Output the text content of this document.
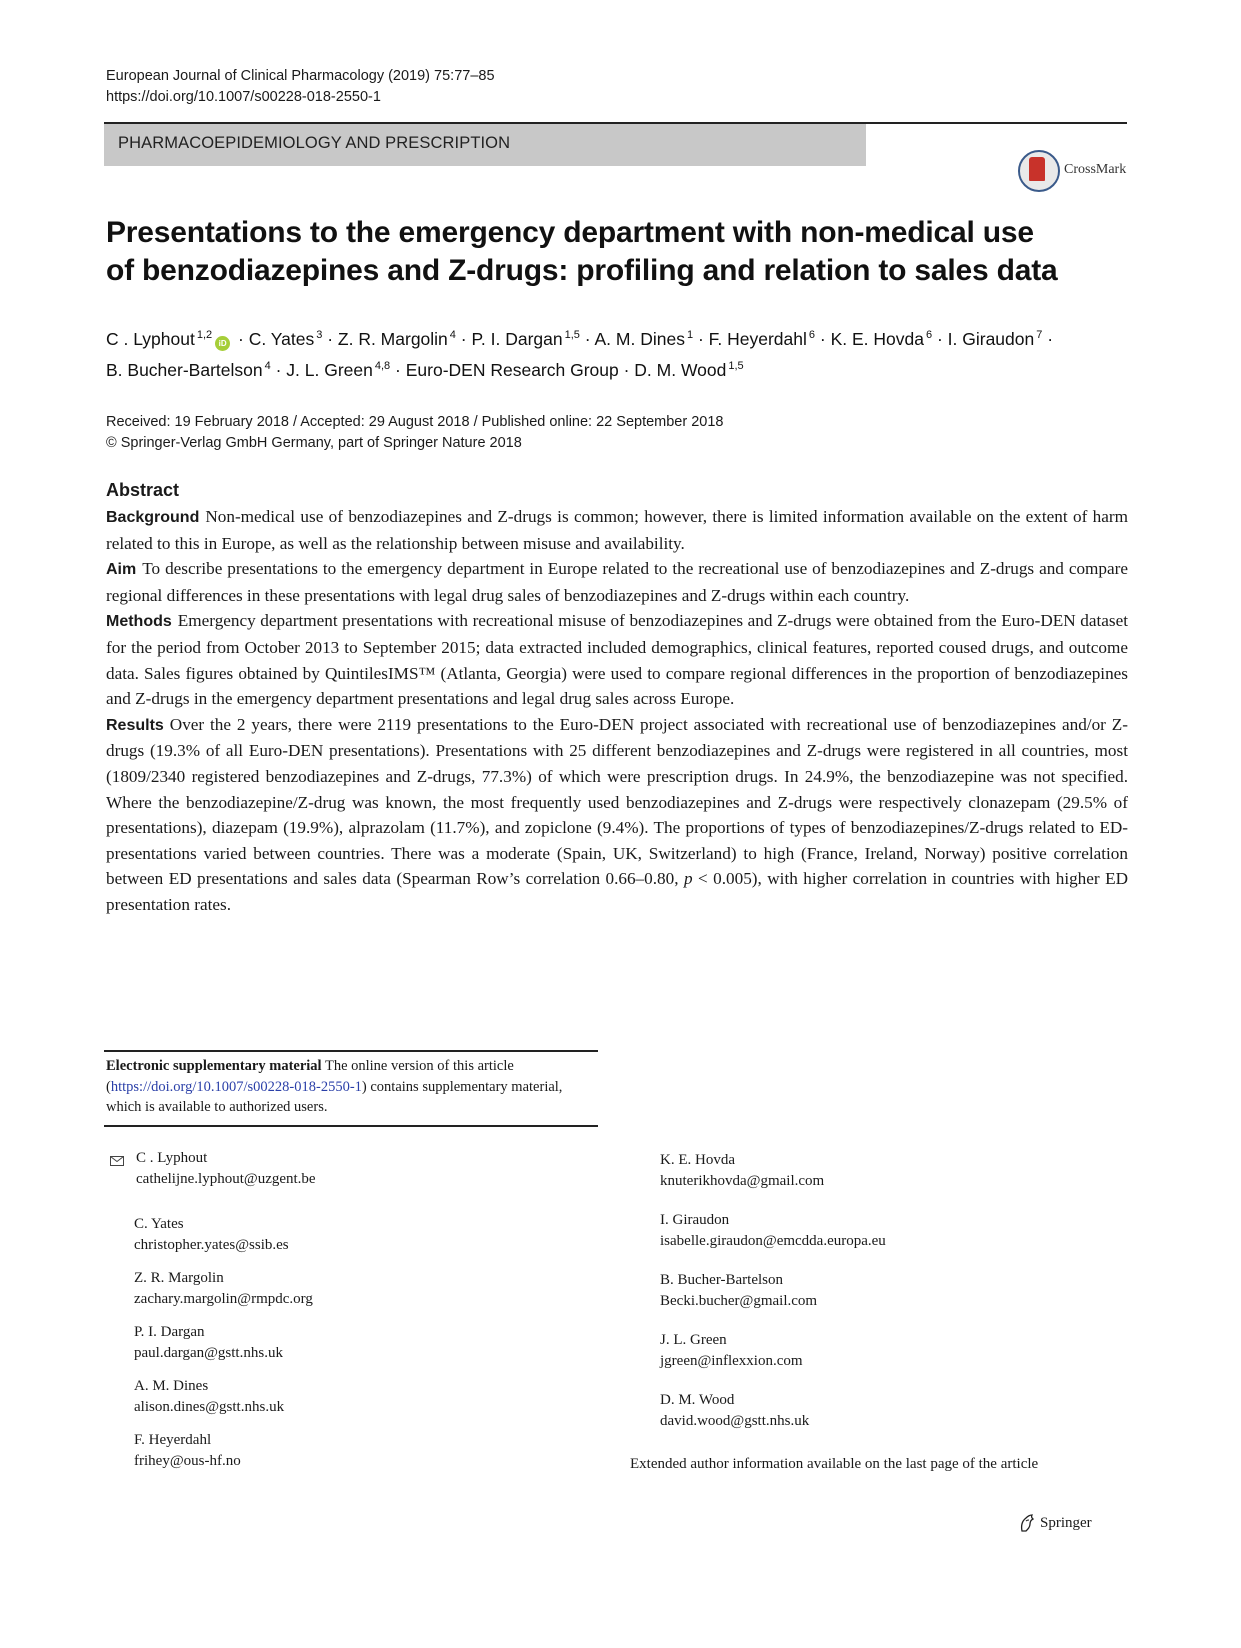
European Journal of Clinical Pharmacology (2019) 75:77–85
https://doi.org/10.1007/s00228-018-2550-1
PHARMACOEPIDEMIOLOGY AND PRESCRIPTION
CrossMark
Presentations to the emergency department with non-medical use
of benzodiazepines and Z-drugs: profiling and relation to sales data
C . Lyphout $^{1,2}$iD · C. Yates $^3$ · Z. R. Margolin $^4$ · P. I. Dargan $^{1,5}$ · A. M. Dines $^1$ · F. Heyerdahl $^6$ · K. E. Hovda $^6$ · I. Giraudon $^7$ ·
B. Bucher-Bartelson $^4$ · J. L. Green $^{4,8}$ · Euro-DEN Research Group · D. M. Wood $^{1,5}$
Received: 19 February 2018 / Accepted: 29 August 2018 / Published online: 22 September 2018
© Springer-Verlag GmbH Germany, part of Springer Nature 2018
Abstract

Background Non-medical use of benzodiazepines and Z-drugs is common; however, there is limited information available on the extent of harm related to this in Europe, as well as the relationship between misuse and availability.

Aim To describe presentations to the emergency department in Europe related to the recreational use of benzodiazepines and Z-drugs and compare regional differences in these presentations with legal drug sales of benzodiazepines and Z-drugs within each country.

Methods Emergency department presentations with recreational misuse of benzodiazepines and Z-drugs were obtained from the Euro-DEN dataset for the period from October 2013 to September 2015; data extracted included demographics, clinical features, reported coused drugs, and outcome data. Sales figures obtained by QuintilesIMS™ (Atlanta, Georgia) were used to compare regional differences in the proportion of benzodiazepines and Z-drugs in the emergency department presentations and legal drug sales across Europe.

Results Over the 2 years, there were 2119 presentations to the Euro-DEN project associated with recreational use of benzodiazepines and/or Z-drugs (19.3% of all Euro-DEN presentations). Presentations with 25 different benzodiazepines and Z-drugs were registered in all countries, most (1809/2340 registered benzodiazepines and Z-drugs, 77.3%) of which were prescription drugs. In 24.9%, the benzodiazepine was not specified. Where the benzodiazepine/Z-drug was known, the most frequently used benzodiazepines and Z-drugs were respectively clonazepam (29.5% of presentations), diazepam (19.9%), alprazolam (11.7%), and zopiclone (9.4%). The proportions of types of benzodiazepines/Z-drugs related to ED-presentations varied between countries. There was a moderate (Spain, UK, Switzerland) to high (France, Ireland, Norway) positive correlation between ED presentations and sales data (Spearman Row’s correlation 0.66–0.80, p < 0.005), with higher correlation in countries with higher ED presentation rates.

Electronic supplementary material The online version of this article (https://doi.org/10.1007/s00228-018-2550-1) contains supplementary material, which is available to authorized users.
C . Lyphout
cathelijne.lyphout@uzgent.be
C. Yates
christopher.yates@ssib.es
Z. R. Margolin
zachary.margolin@rmpdc.org
P. I. Dargan
paul.dargan@gstt.nhs.uk
A. M. Dines
alison.dines@gstt.nhs.uk
F. Heyerdahl
frihey@ous-hf.no
K. E. Hovda
knuterikhovda@gmail.com
I. Giraudon
isabelle.giraudon@emcdda.europa.eu
B. Bucher-Bartelson
Becki.bucher@gmail.com
J. L. Green
jgreen@inflexxion.com
D. M. Wood
david.wood@gstt.nhs.uk
Extended author information available on the last page of the article
Springer
